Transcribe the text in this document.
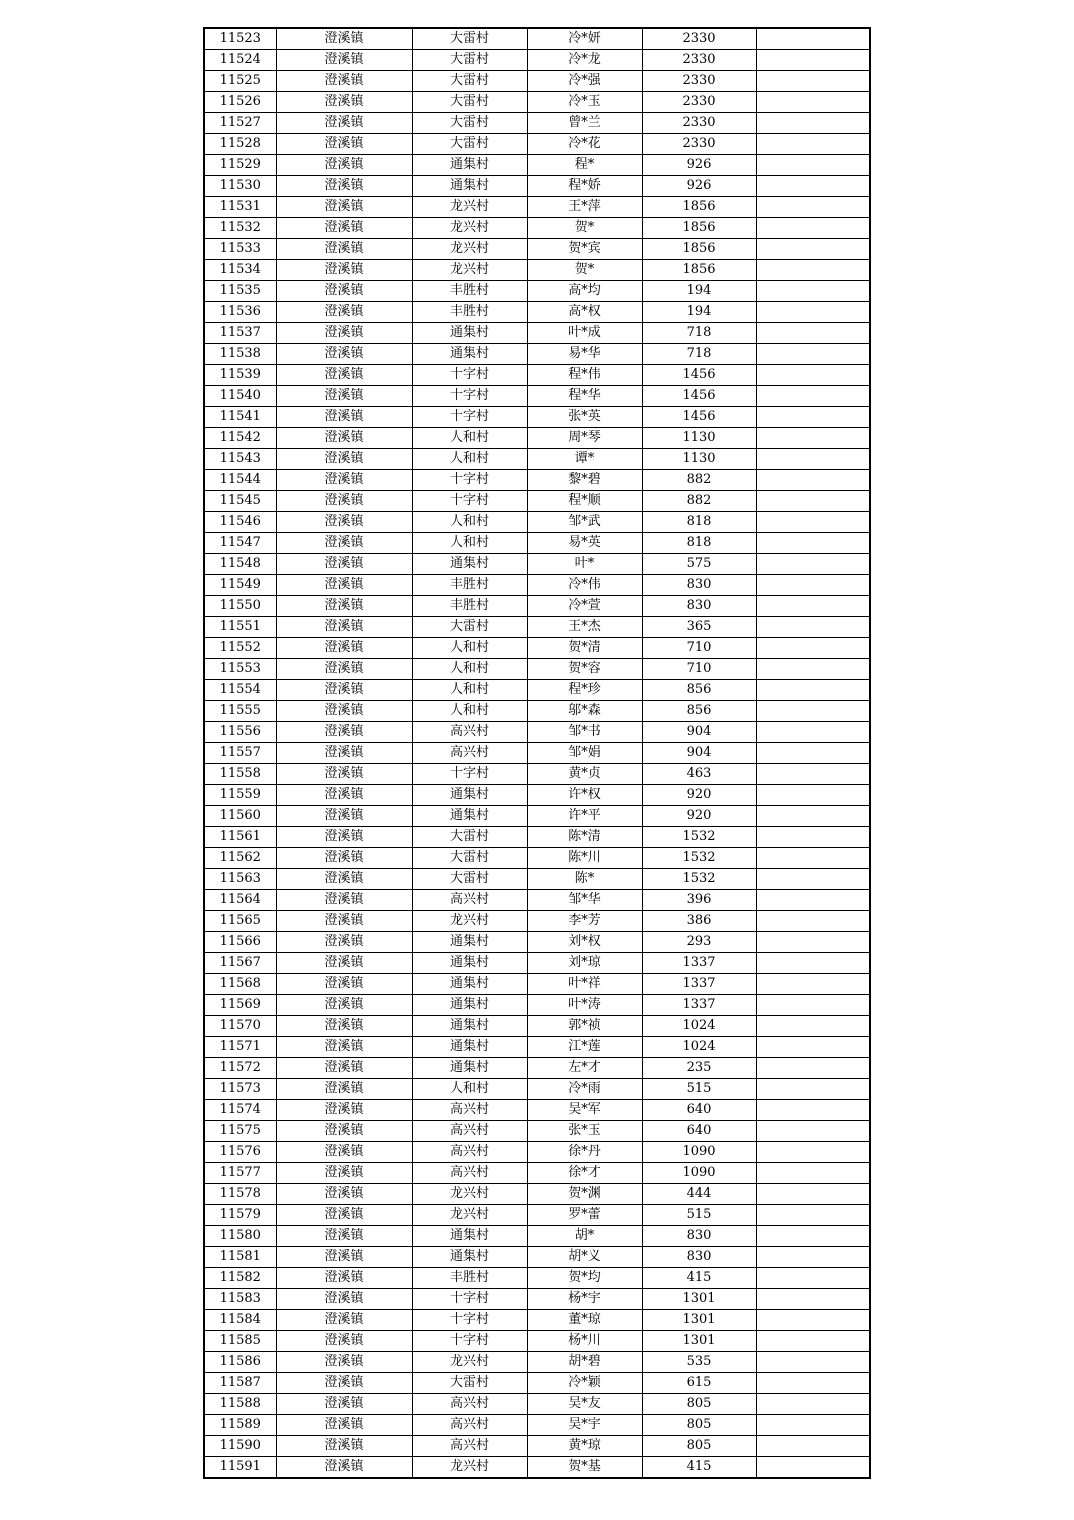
11523	澄溪镇	大雷村	冷*妍	2330	
11524	澄溪镇	大雷村	冷*龙	2330	
11525	澄溪镇	大雷村	冷*强	2330	
11526	澄溪镇	大雷村	冷*玉	2330	
11527	澄溪镇	大雷村	曾*兰	2330	
11528	澄溪镇	大雷村	冷*花	2330	
11529	澄溪镇	通集村	程*	926	
11530	澄溪镇	通集村	程*娇	926	
11531	澄溪镇	龙兴村	王*萍	1856	
11532	澄溪镇	龙兴村	贺*	1856	
11533	澄溪镇	龙兴村	贺*宾	1856	
11534	澄溪镇	龙兴村	贺*	1856	
11535	澄溪镇	丰胜村	高*均	194	
11536	澄溪镇	丰胜村	高*权	194	
11537	澄溪镇	通集村	叶*成	718	
11538	澄溪镇	通集村	易*华	718	
11539	澄溪镇	十字村	程*伟	1456	
11540	澄溪镇	十字村	程*华	1456	
11541	澄溪镇	十字村	张*英	1456	
11542	澄溪镇	人和村	周*琴	1130	
11543	澄溪镇	人和村	谭*	1130	
11544	澄溪镇	十字村	黎*碧	882	
11545	澄溪镇	十字村	程*顺	882	
11546	澄溪镇	人和村	邹*武	818	
11547	澄溪镇	人和村	易*英	818	
11548	澄溪镇	通集村	叶*	575	
11549	澄溪镇	丰胜村	冷*伟	830	
11550	澄溪镇	丰胜村	冷*萱	830	
11551	澄溪镇	大雷村	王*杰	365	
11552	澄溪镇	人和村	贺*清	710	
11553	澄溪镇	人和村	贺*容	710	
11554	澄溪镇	人和村	程*珍	856	
11555	澄溪镇	人和村	邬*森	856	
11556	澄溪镇	高兴村	邹*书	904	
11557	澄溪镇	高兴村	邹*娟	904	
11558	澄溪镇	十字村	黄*贞	463	
11559	澄溪镇	通集村	许*权	920	
11560	澄溪镇	通集村	许*平	920	
11561	澄溪镇	大雷村	陈*清	1532	
11562	澄溪镇	大雷村	陈*川	1532	
11563	澄溪镇	大雷村	陈*	1532	
11564	澄溪镇	高兴村	邹*华	396	
11565	澄溪镇	龙兴村	李*芳	386	
11566	澄溪镇	通集村	刘*权	293	
11567	澄溪镇	通集村	刘*琼	1337	
11568	澄溪镇	通集村	叶*祥	1337	
11569	澄溪镇	通集村	叶*涛	1337	
11570	澄溪镇	通集村	郭*祯	1024	
11571	澄溪镇	通集村	江*莲	1024	
11572	澄溪镇	通集村	左*才	235	
11573	澄溪镇	人和村	冷*雨	515	
11574	澄溪镇	高兴村	吴*军	640	
11575	澄溪镇	高兴村	张*玉	640	
11576	澄溪镇	高兴村	徐*丹	1090	
11577	澄溪镇	高兴村	徐*才	1090	
11578	澄溪镇	龙兴村	贺*渊	444	
11579	澄溪镇	龙兴村	罗*蕾	515	
11580	澄溪镇	通集村	胡*	830	
11581	澄溪镇	通集村	胡*义	830	
11582	澄溪镇	丰胜村	贺*均	415	
11583	澄溪镇	十字村	杨*宇	1301	
11584	澄溪镇	十字村	董*琼	1301	
11585	澄溪镇	十字村	杨*川	1301	
11586	澄溪镇	龙兴村	胡*碧	535	
11587	澄溪镇	大雷村	冷*颖	615	
11588	澄溪镇	高兴村	吴*友	805	
11589	澄溪镇	高兴村	吴*宇	805	
11590	澄溪镇	高兴村	黄*琼	805	
11591	澄溪镇	龙兴村	贺*基	415	
